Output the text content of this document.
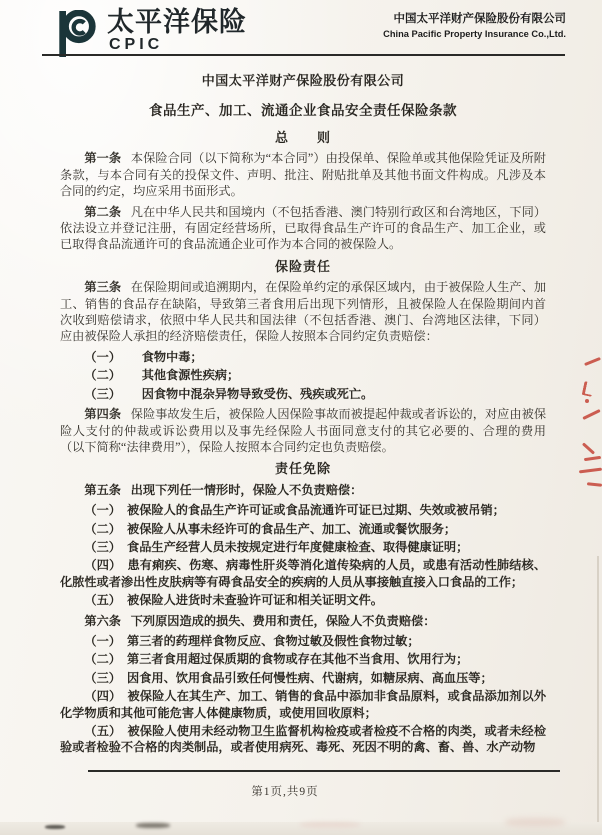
太平洋保险
CPIC
中国太平洋财产保险股份有限公司
China Pacific Property Insurance Co.,Ltd.
中国太平洋财产保险股份有限公司
食品生产、加工、流通企业食品安全责任保险条款
总　　则

第一条 本保险合同（以下简称为“本合同”）由投保单、保险单或其他保险凭证及所附条款，与本合同有关的投保文件、声明、批注、附贴批单及其他书面文件构成。凡涉及本合同的约定，均应采用书面形式。

第二条 凡在中华人民共和国境内（不包括香港、澳门特别行政区和台湾地区，下同）依法设立并登记注册，有固定经营场所，已取得食品生产许可的食品生产、加工企业，或已取得食品流通许可的食品流通企业可作为本合同的被保险人。

保险责任

第三条 在保险期间或追溯期内，在保险单约定的承保区域内，由于被保险人生产、加工、销售的食品存在缺陷，导致第三者食用后出现下列情形，且被保险人在保险期间内首次收到赔偿请求，依照中华人民共和国法律（不包括香港、澳门、台湾地区法律，下同）应由被保险人承担的经济赔偿责任，保险人按照本合同约定负责赔偿：

（一） 食物中毒；

（二） 其他食源性疾病；

（三） 因食物中混杂异物导致受伤、残疾或死亡。

第四条 保险事故发生后，被保险人因保险事故而被提起仲裁或者诉讼的，对应由被保险人支付的仲裁或诉讼费用以及事先经保险人书面同意支付的其它必要的、合理的费用（以下简称“法律费用”），保险人按照本合同约定也负责赔偿。

责任免除

第五条 出现下列任一情形时，保险人不负责赔偿：

（一） 被保险人的食品生产许可证或食品流通许可证已过期、失效或被吊销；

（二） 被保险人从事未经许可的食品生产、加工、流通或餐饮服务；

（三） 食品生产经营人员未按规定进行年度健康检查、取得健康证明；

（四） 患有痢疾、伤寒、病毒性肝炎等消化道传染病的人员，或患有活动性肺结核、化脓性或者渗出性皮肤病等有碍食品安全的疾病的人员从事接触直接入口食品的工作；

（五） 被保险人进货时未查验许可证和相关证明文件。

第六条 下列原因造成的损失、费用和责任，保险人不负责赔偿：

（一） 第三者的药理样食物反应、食物过敏及假性食物过敏；

（二） 第三者食用超过保质期的食物或存在其他不当食用、饮用行为；

（三） 因食用、饮用食品引致任何慢性病、代谢病，如糖尿病、高血压等；

（四） 被保险人在其生产、加工、销售的食品中添加非食品原料，或食品添加剂以外化学物质和其他可能危害人体健康物质，或使用回收原料；

（五） 被保险人使用未经动物卫生监督机构检疫或者检疫不合格的肉类，或者未经检验或者检验不合格的肉类制品，或者使用病死、毒死、死因不明的禽、畜、兽、水产动物

第1页,共9页
